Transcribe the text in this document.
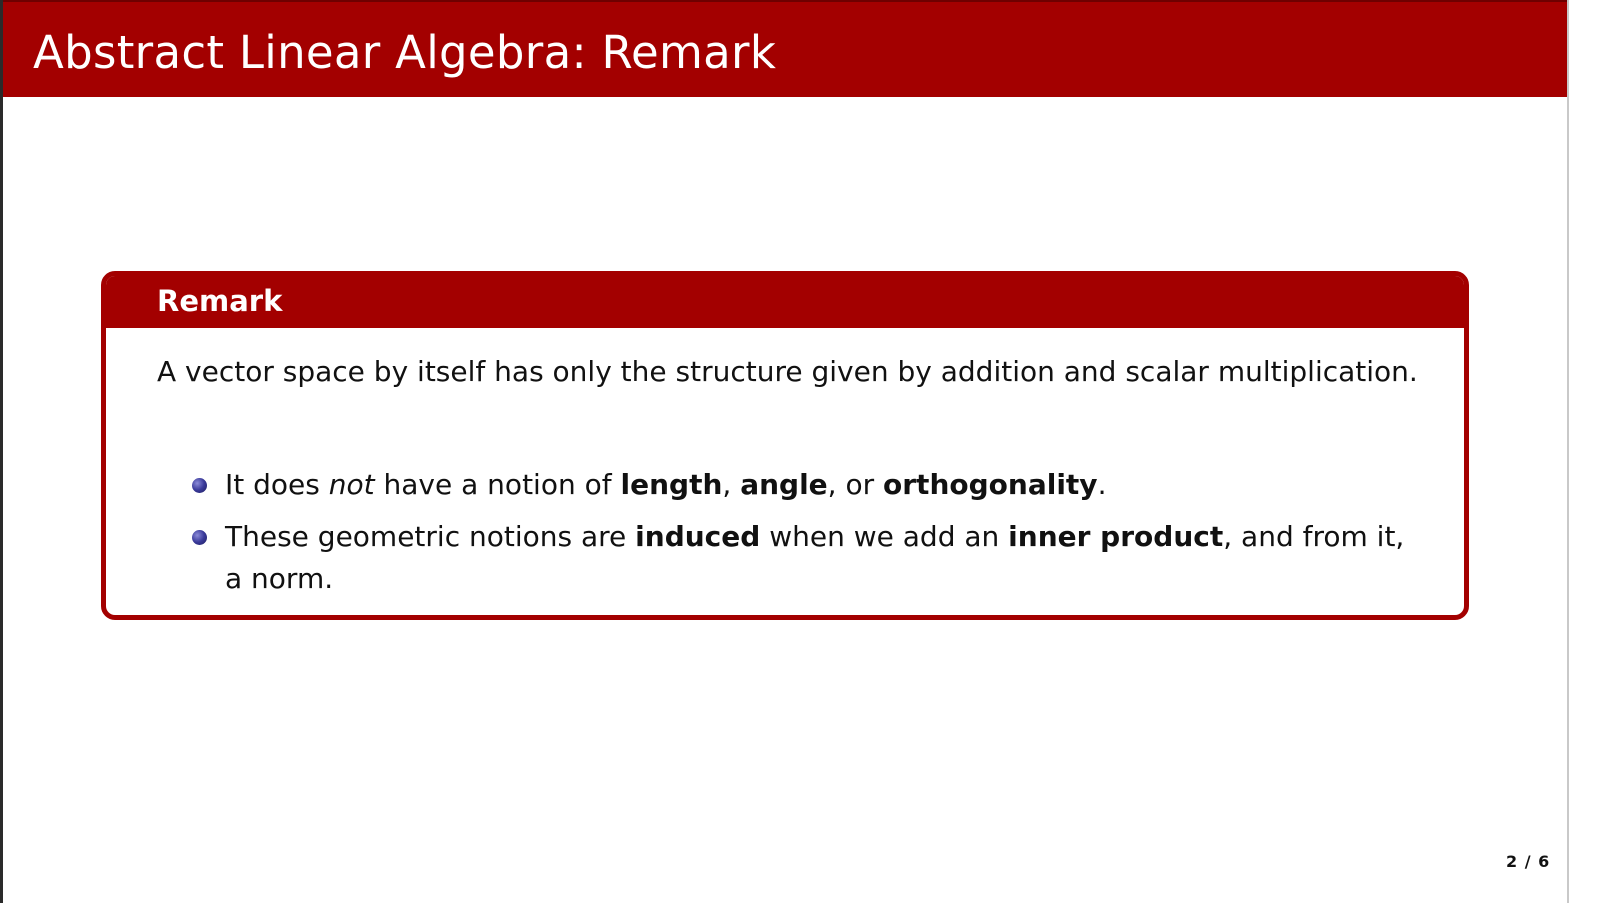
Abstract Linear Algebra: Remark
Remark

A vector space by itself has only the structure given by addition and scalar multiplication.

It does not have a notion of length, angle, or orthogonality.
These geometric notions are induced when we add an inner product, and from it,
a norm.
2 / 6
